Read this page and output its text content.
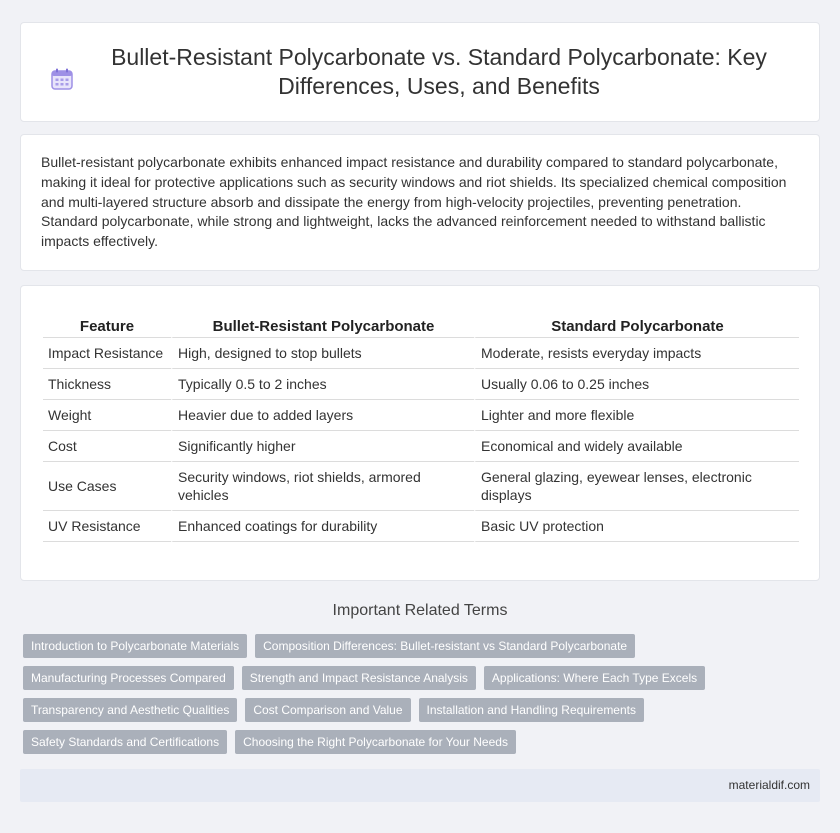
Bullet-Resistant Polycarbonate vs. Standard Polycarbonate: Key Differences, Uses, and Benefits

Bullet-resistant polycarbonate exhibits enhanced impact resistance and durability compared to standard polycarbonate, making it ideal for protective applications such as security windows and riot shields. Its specialized chemical composition and multi-layered structure absorb and dissipate the energy from high-velocity projectiles, preventing penetration. Standard polycarbonate, while strong and lightweight, lacks the advanced reinforcement needed to withstand ballistic impacts effectively.

Feature	Bullet-Resistant Polycarbonate	Standard Polycarbonate
Impact Resistance	High, designed to stop bullets	Moderate, resists everyday impacts
Thickness	Typically 0.5 to 2 inches	Usually 0.06 to 0.25 inches
Weight	Heavier due to added layers	Lighter and more flexible
Cost	Significantly higher	Economical and widely available
Use Cases	Security windows, riot shields, armored vehicles	General glazing, eyewear lenses, electronic displays
UV Resistance	Enhanced coatings for durability	Basic UV protection
Important Related Terms
Introduction to Polycarbonate Materials	Composition Differences: Bullet-resistant vs Standard Polycarbonate
Manufacturing Processes Compared	Strength and Impact Resistance Analysis	Applications: Where Each Type Excels
Transparency and Aesthetic Qualities	Cost Comparison and Value	Installation and Handling Requirements
Safety Standards and Certifications	Choosing the Right Polycarbonate for Your Needs
materialdif.com
